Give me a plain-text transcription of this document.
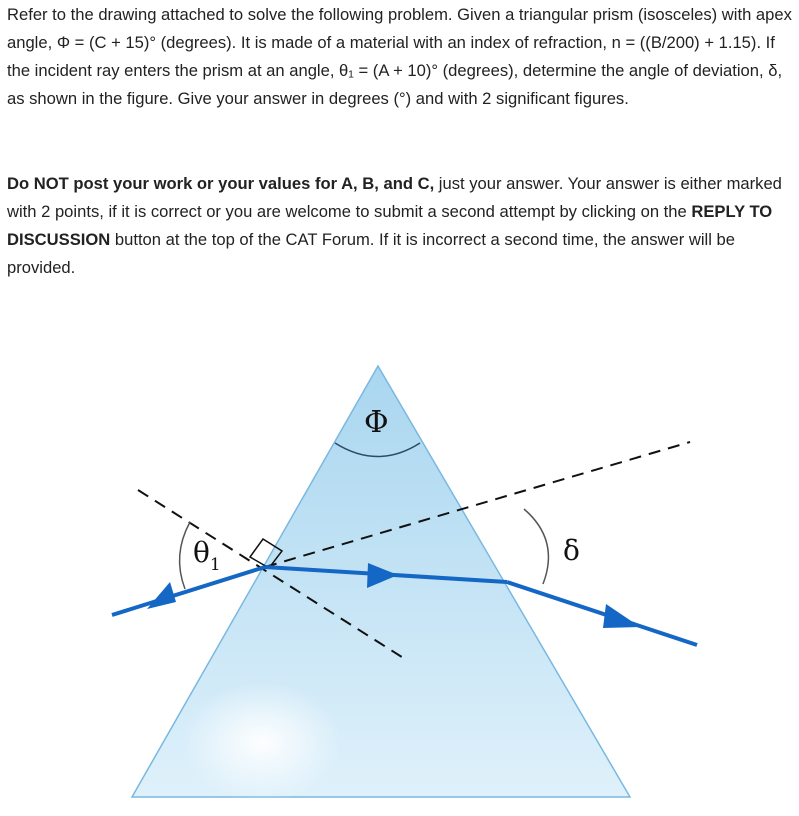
Refer to the drawing attached to solve the following problem. Given a triangular prism (isosceles) with apex angle, Φ = (C + 15)° (degrees). It is made of a material with an index of refraction, n = ((B/200) + 1.15). If the incident ray enters the prism at an angle, θ₁ = (A + 10)° (degrees), determine the angle of deviation, δ, as shown in the figure. Give your answer in degrees (°) and with 2 significant figures.

Do NOT post your work or your values for A, B, and C, just your answer. Your answer is either marked with 2 points, if it is correct or you are welcome to submit a second attempt by clicking on the REPLY TO DISCUSSION button at the top of the CAT Forum. If it is incorrect a second time, the answer will be provided.

Φ
$\theta_1$	δ
